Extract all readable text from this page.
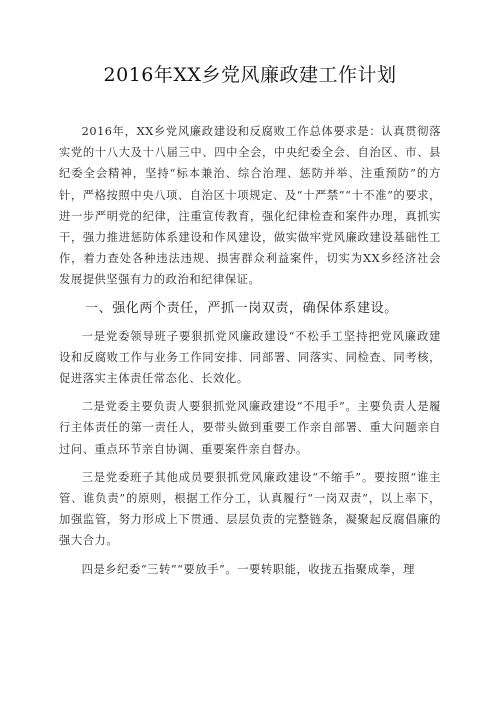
2016年XX乡党风廉政建工作计划

2016年，XX乡党风廉政建设和反腐败工作总体要求是：认真贯彻落实党的十八大及十八届三中、四中全会，中央纪委全会、自治区、市、县纪委全会精神，坚持“标本兼治、综合治理、惩防并举、注重预防”的方针，严格按照中央八项、自治区十项规定、及“十严禁”“十不准”的要求，进一步严明党的纪律，注重宣传教育，强化纪律检查和案件办理，真抓实干，强力推进惩防体系建设和作风建设，做实做牢党风廉政建设基础性工作，着力查处各种违法违规、损害群众利益案件，切实为XX乡经济社会发展提供坚强有力的政治和纪律保证。

一、强化两个责任，严抓一岗双责，确保体系建设。

一是党委领导班子要狠抓党风廉政建设“不松手工坚持把党风廉政建设和反腐败工作与业务工作同安排、同部署、同落实、同检查、同考核，促进落实主体责任常态化、长效化。

二是党委主要负责人要狠抓党风廉政建设“不甩手”。主要负责人是履行主体责任的第一责任人，要带头做到重要工作亲自部署、重大问题亲自过问、重点环节亲自协调、重要案件亲自督办。

三是党委班子其他成员要狠抓党风廉政建设“不缩手”。要按照“谁主管、谁负责”的原则，根据工作分工，认真履行“一岗双责”，以上率下，加强监管，努力形成上下贯通、层层负责的完整链条，凝聚起反腐倡廉的强大合力。

四是乡纪委“三转”“要放手”。一要转职能，收拢五指聚成拳，理
